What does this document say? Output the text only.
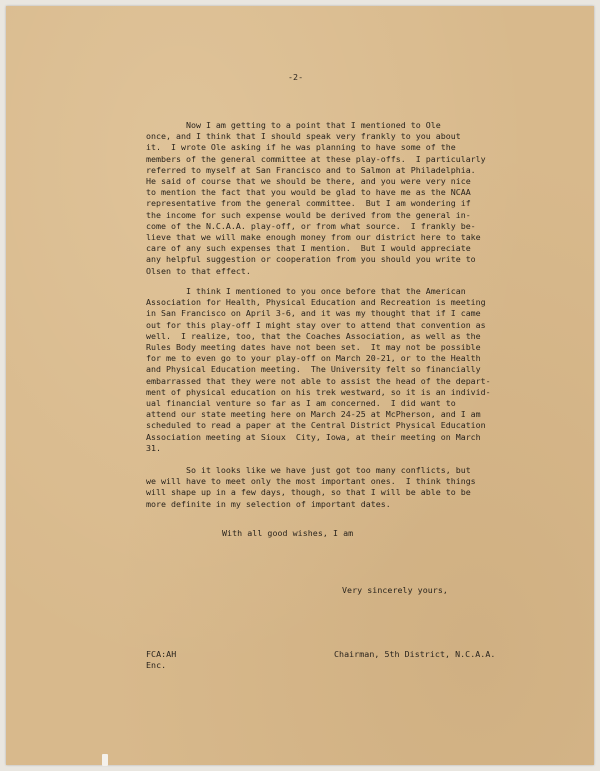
-2-
Now I am getting to a point that I mentioned to Ole
once, and I think that I should speak very frankly to you about
it.  I wrote Ole asking if he was planning to have some of the
members of the general committee at these play-offs.  I particularly
referred to myself at San Francisco and to Salmon at Philadelphia.
He said of course that we should be there, and you were very nice
to mention the fact that you would be glad to have me as the NCAA
representative from the general committee.  But I am wondering if
the income for such expense would be derived from the general in-
come of the N.C.A.A. play-off, or from what source.  I frankly be-
lieve that we will make enough money from our district here to take
care of any such expenses that I mention.  But I would appreciate
any helpful suggestion or cooperation from you should you write to
Olsen to that effect.
I think I mentioned to you once before that the American
Association for Health, Physical Education and Recreation is meeting
in San Francisco on April 3-6, and it was my thought that if I came
out for this play-off I might stay over to attend that convention as
well.  I realize, too, that the Coaches Association, as well as the
Rules Body meeting dates have not been set.  It may not be possible
for me to even go to your play-off on March 20-21, or to the Health
and Physical Education meeting.  The University felt so financially
embarrassed that they were not able to assist the head of the depart-
ment of physical education on his trek westward, so it is an individ-
ual financial venture so far as I am concerned.  I did want to
attend our state meeting here on March 24-25 at McPherson, and I am
scheduled to read a paper at the Central District Physical Education
Association meeting at Sioux  City, Iowa, at their meeting on March
31.
So it looks like we have just got too many conflicts, but
we will have to meet only the most important ones.  I think things
will shape up in a few days, though, so that I will be able to be
more definite in my selection of important dates.
With all good wishes, I am
Very sincerely yours,
FCA:AH	Chairman, 5th District, N.C.A.A.
Enc.
